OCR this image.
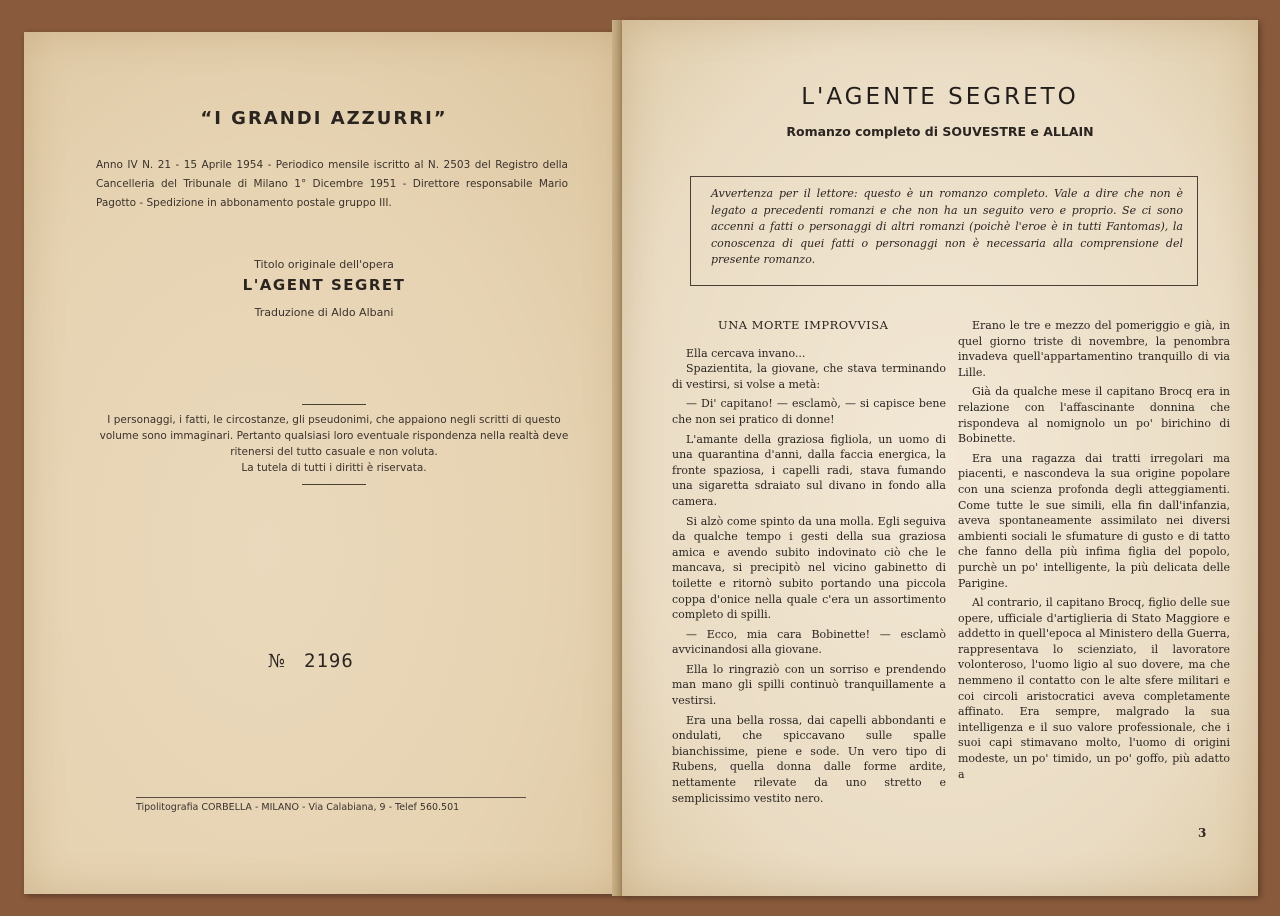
“I GRANDI AZZURRI”
Anno IV N. 21 - 15 Aprile 1954 - Periodico mensile iscritto al N. 2503 del Registro della Cancelleria del Tribunale di Milano 1° Dicembre 1951 - Direttore responsabile Mario Pagotto - Spedizione in abbonamento postale gruppo III.
Titolo originale dell'opera
L'AGENT SEGRET
Traduzione di Aldo Albani
I personaggi, i fatti, le circostanze, gli pseudonimi, che appaiono negli scritti di questo volume sono immaginari. Pertanto qualsiasi loro eventuale rispondenza nella realtà deve ritenersi del tutto casuale e non voluta.
La tutela di tutti i diritti è riservata.
№ 2196
Tipolitografia CORBELLA - MILANO - Via Calabiana, 9 - Telef 560.501
L'AGENTE SEGRETO
Romanzo completo di SOUVESTRE e ALLAIN
Avvertenza per il lettore: questo è un romanzo completo. Vale a dire che non è legato a precedenti romanzi e che non ha un seguito vero e proprio. Se ci sono accenni a fatti o personaggi di altri romanzi (poichè l'eroe è in tutti Fantomas), la conoscenza di quei fatti o personaggi non è necessaria alla comprensione del presente romanzo.
UNA MORTE IMPROVVISA

Ella cercava invano...

Spazientita, la giovane, che stava terminando di vestirsi, si volse a metà:

— Di' capitano! — esclamò, — si capisce bene che non sei pratico di donne!

L'amante della graziosa figliola, un uomo di una quarantina d'anni, dalla faccia energica, la fronte spaziosa, i capelli radi, stava fumando una sigaretta sdraiato sul divano in fondo alla camera.

Si alzò come spinto da una molla. Egli seguiva da qualche tempo i gesti della sua graziosa amica e avendo subito indovinato ciò che le mancava, si precipitò nel vicino gabinetto di toilette e ritornò subito portando una piccola coppa d'onice nella quale c'era un assortimento completo di spilli.

— Ecco, mia cara Bobinette! — esclamò avvicinandosi alla giovane.

Ella lo ringraziò con un sorriso e prendendo man mano gli spilli continuò tranquillamente a vestirsi.

Era una bella rossa, dai capelli abbondanti e ondulati, che spiccavano sulle spalle bianchissime, piene e sode. Un vero tipo di Rubens, quella donna dalle forme ardite, nettamente rilevate da uno stretto e semplicissimo vestito nero.

Erano le tre e mezzo del pomeriggio e già, in quel giorno triste di novembre, la penombra invadeva quell'appartamentino tranquillo di via Lille.

Già da qualche mese il capitano Brocq era in relazione con l'affascinante donnina che rispondeva al nomignolo un po' birichino di Bobinette.

Era una ragazza dai tratti irregolari ma piacenti, e nascondeva la sua origine popolare con una scienza profonda degli atteggiamenti. Come tutte le sue simili, ella fin dall'infanzia, aveva spontaneamente assimilato nei diversi ambienti sociali le sfumature di gusto e di tatto che fanno della più infima figlia del popolo, purchè un po' intelligente, la più delicata delle Parigine.

Al contrario, il capitano Brocq, figlio delle sue opere, ufficiale d'artiglieria di Stato Maggiore e addetto in quell'epoca al Ministero della Guerra, rappresentava lo scienziato, il lavoratore volonteroso, l'uomo ligio al suo dovere, ma che nemmeno il contatto con le alte sfere militari e coi circoli aristocratici aveva completamente affinato. Era sempre, malgrado la sua intelligenza e il suo valore professionale, che i suoi capi stimavano molto, l'uomo di origini modeste, un po' timido, un po' goffo, più adatto a

3
